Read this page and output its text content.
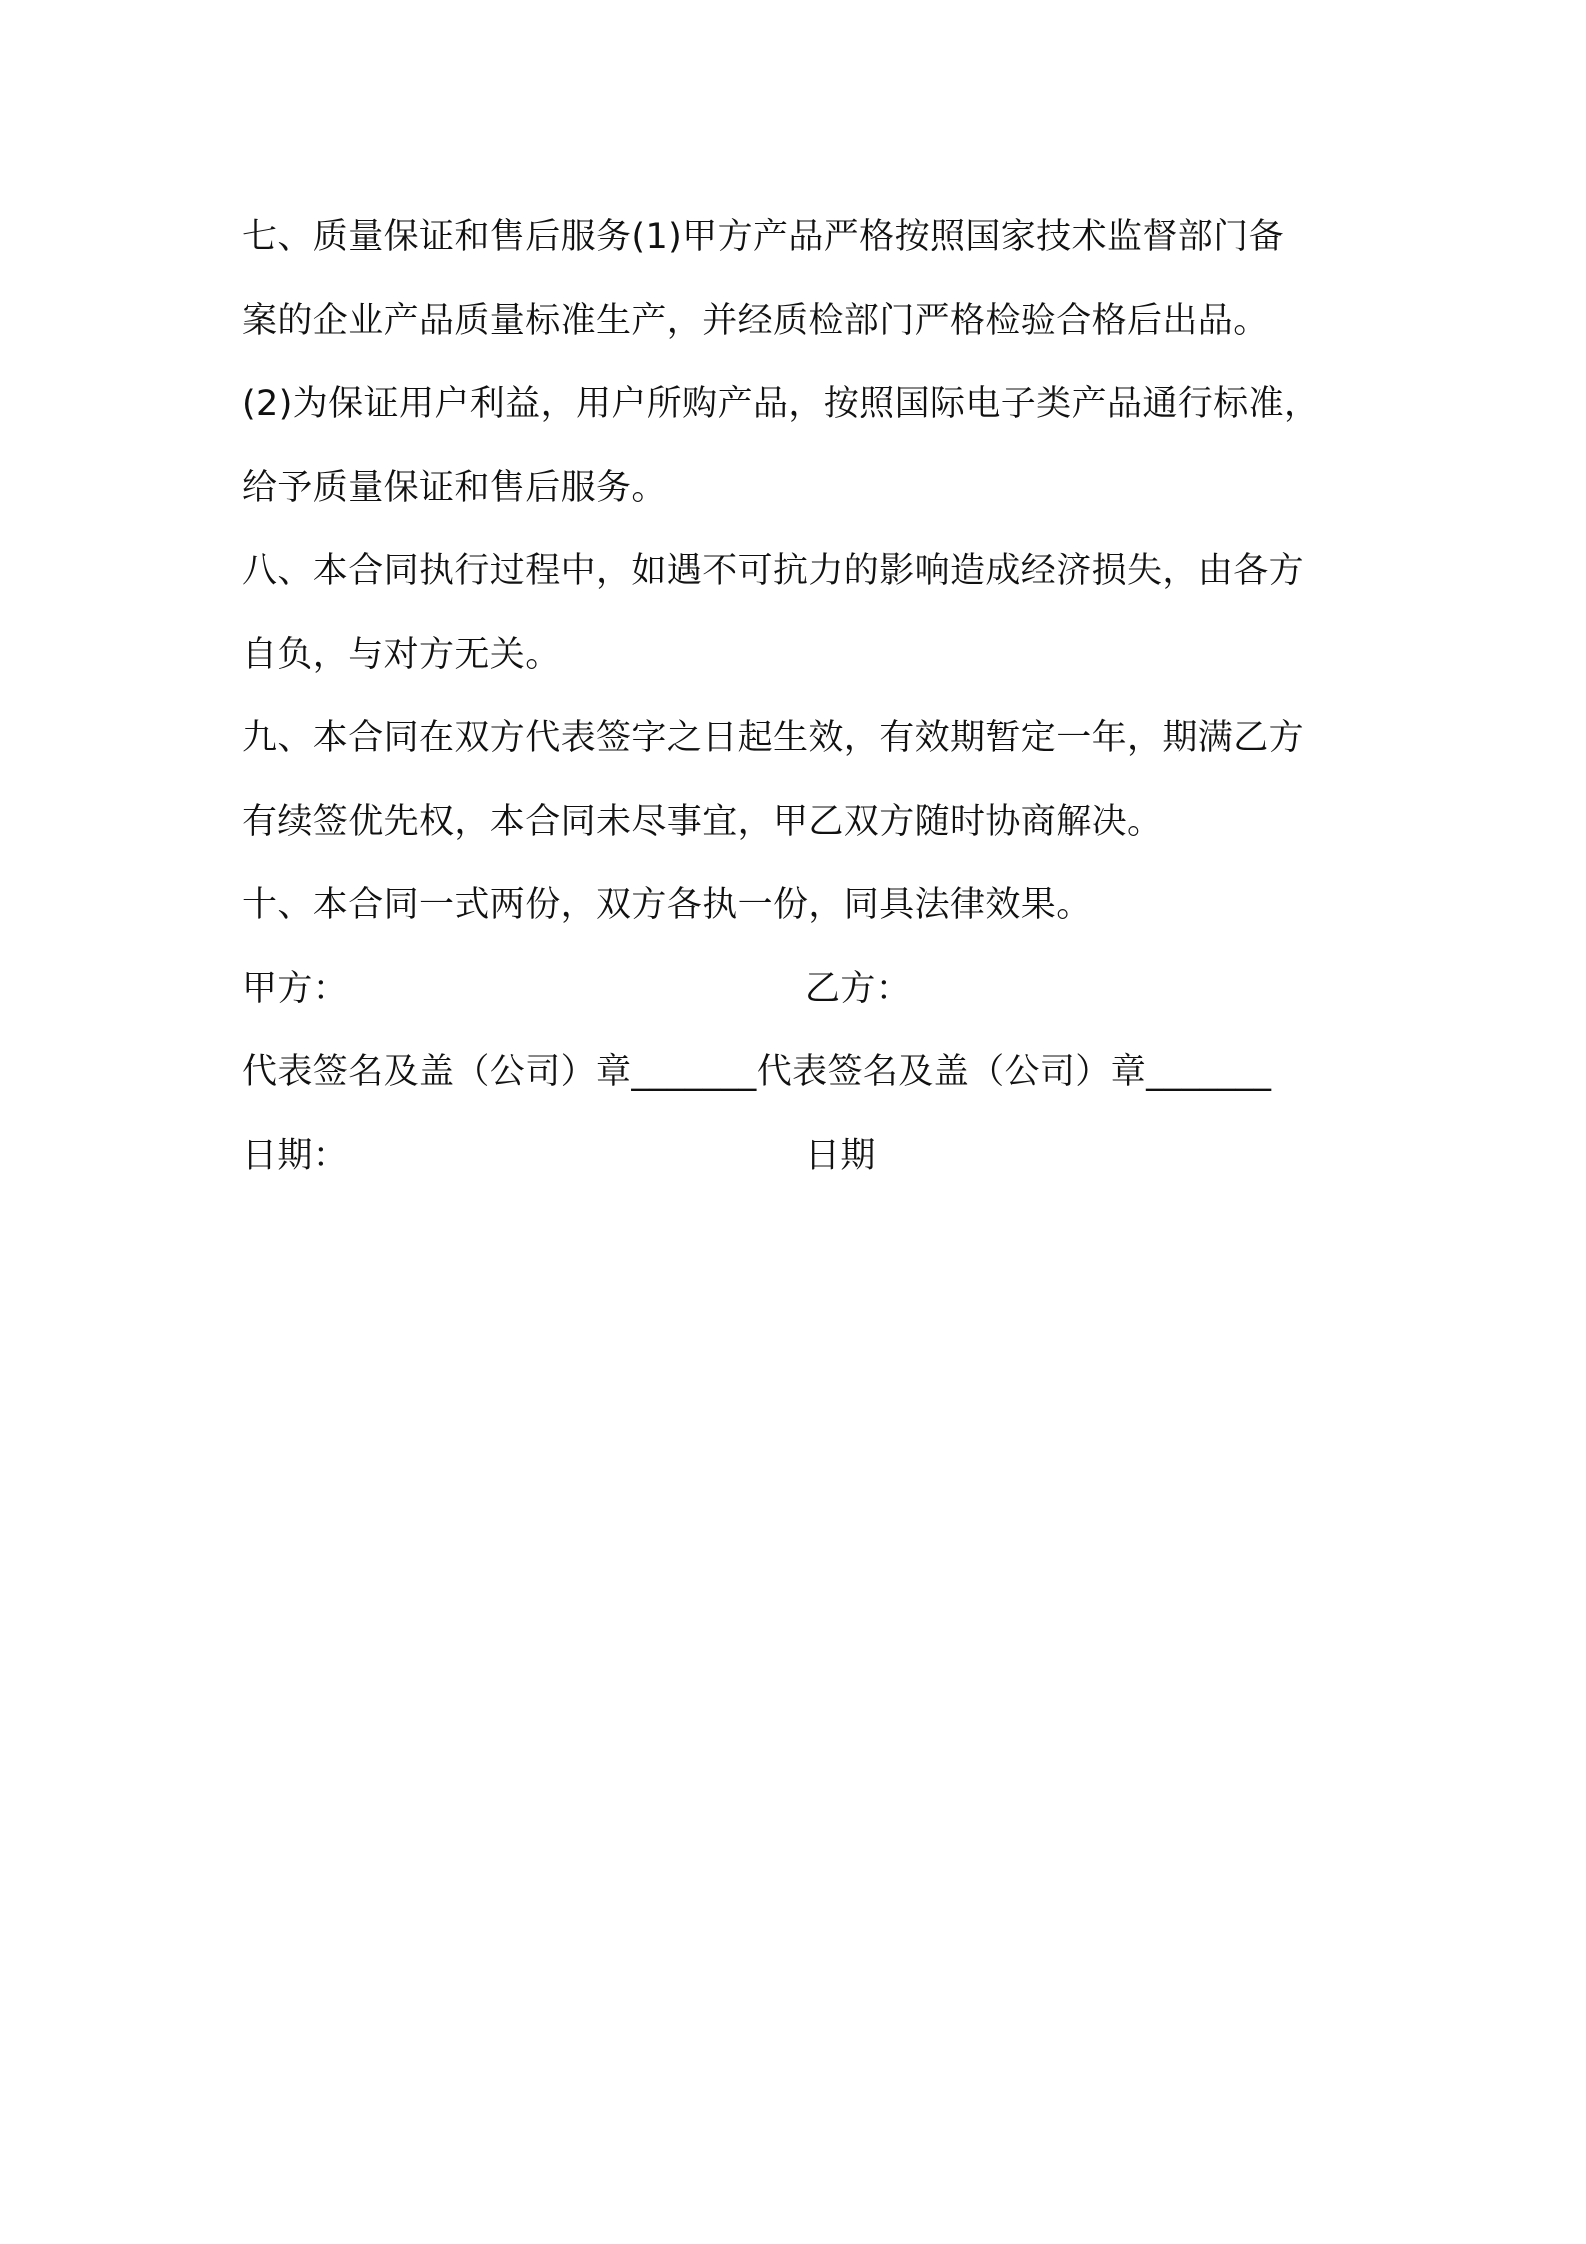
七、质量保证和售后服务(1)甲方产品严格按照国家技术监督部门备
案的企业产品质量标准生产，并经质检部门严格检验合格后出品。
(2)为保证用户利益，用户所购产品，按照国际电子类产品通行标准，
给予质量保证和售后服务。
八、本合同执行过程中，如遇不可抗力的影响造成经济损失，由各方
自负，与对方无关。
九、本合同在双方代表签字之日起生效，有效期暂定一年，期满乙方
有续签优先权，本合同未尽事宜，甲乙双方随时协商解决。
十、本合同一式两份，双方各执一份，同具法律效果。
甲方：	乙方：
代表签名及盖（公司）章_______ 代表签名及盖（公司）章_______
日期：	日期
